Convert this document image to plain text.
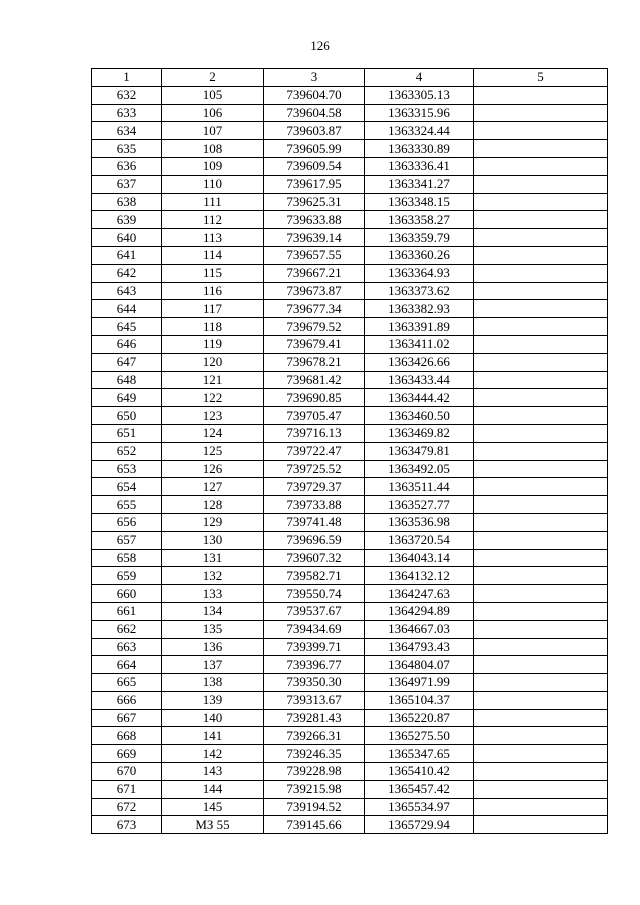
126
1	2	3	4	5
632	105	739604.70	1363305.13	
633	106	739604.58	1363315.96	
634	107	739603.87	1363324.44	
635	108	739605.99	1363330.89	
636	109	739609.54	1363336.41	
637	110	739617.95	1363341.27	
638	111	739625.31	1363348.15	
639	112	739633.88	1363358.27	
640	113	739639.14	1363359.79	
641	114	739657.55	1363360.26	
642	115	739667.21	1363364.93	
643	116	739673.87	1363373.62	
644	117	739677.34	1363382.93	
645	118	739679.52	1363391.89	
646	119	739679.41	1363411.02	
647	120	739678.21	1363426.66	
648	121	739681.42	1363433.44	
649	122	739690.85	1363444.42	
650	123	739705.47	1363460.50	
651	124	739716.13	1363469.82	
652	125	739722.47	1363479.81	
653	126	739725.52	1363492.05	
654	127	739729.37	1363511.44	
655	128	739733.88	1363527.77	
656	129	739741.48	1363536.98	
657	130	739696.59	1363720.54	
658	131	739607.32	1364043.14	
659	132	739582.71	1364132.12	
660	133	739550.74	1364247.63	
661	134	739537.67	1364294.89	
662	135	739434.69	1364667.03	
663	136	739399.71	1364793.43	
664	137	739396.77	1364804.07	
665	138	739350.30	1364971.99	
666	139	739313.67	1365104.37	
667	140	739281.43	1365220.87	
668	141	739266.31	1365275.50	
669	142	739246.35	1365347.65	
670	143	739228.98	1365410.42	
671	144	739215.98	1365457.42	
672	145	739194.52	1365534.97	
673	МЗ 55	739145.66	1365729.94	
